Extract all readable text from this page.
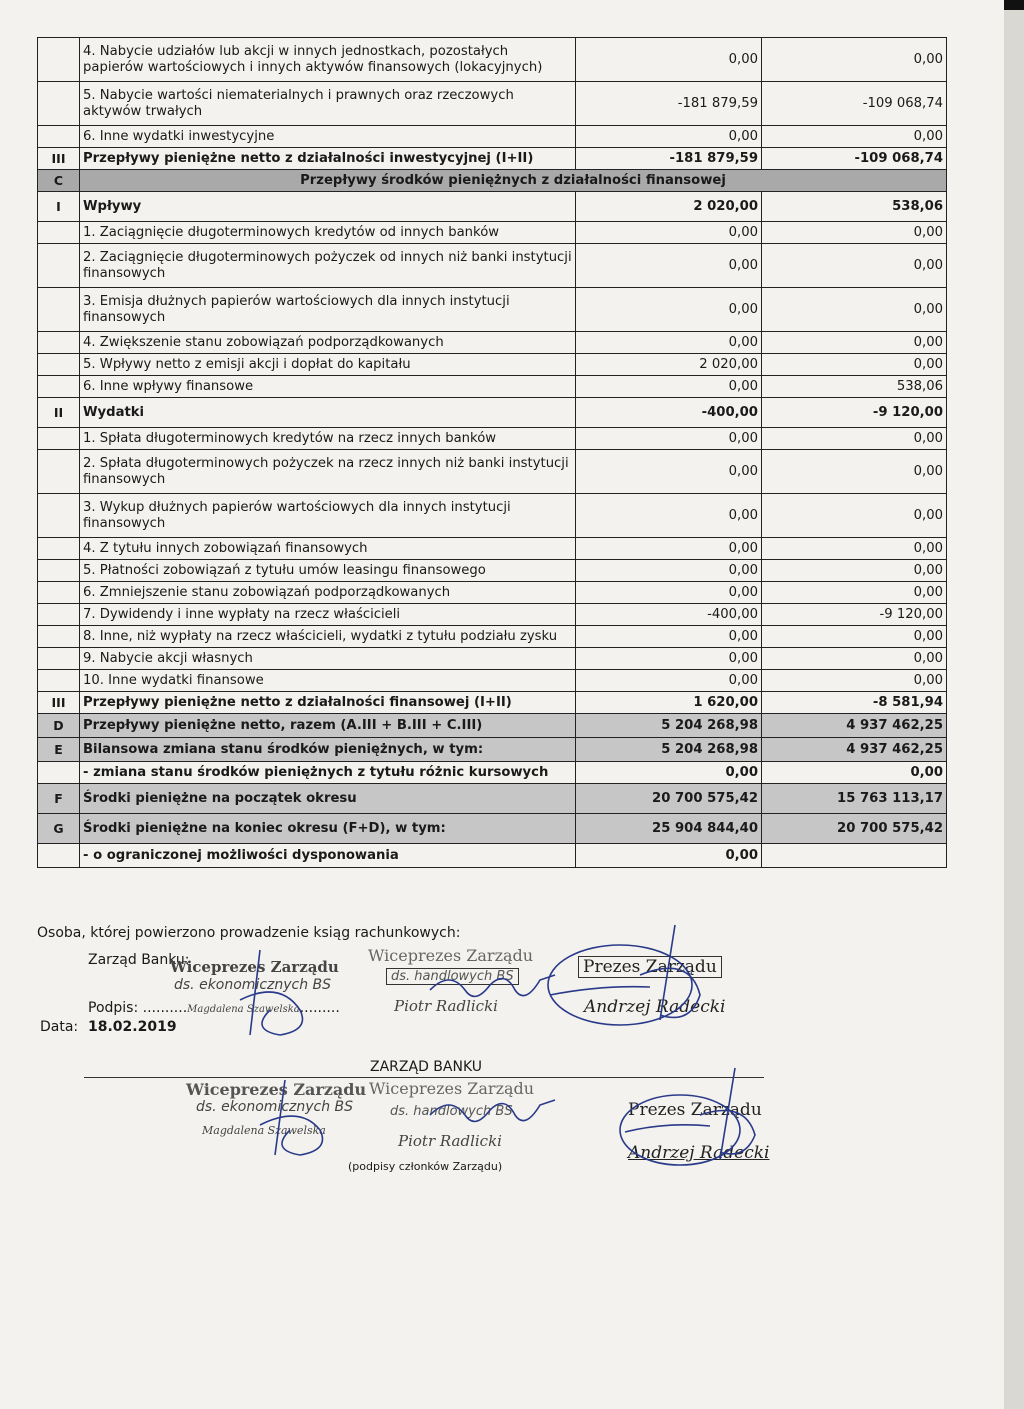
	4. Nabycie udziałów lub akcji w innych jednostkach, pozostałych papierów wartościowych i innych aktywów finansowych (lokacyjnych)	0,00	0,00
	5. Nabycie wartości niematerialnych i prawnych oraz rzeczowych aktywów trwałych	-181 879,59	-109 068,74
	6. Inne wydatki inwestycyjne	0,00	0,00
III	Przepływy pieniężne netto z działalności inwestycyjnej (I+II)	-181 879,59	-109 068,74
C	Przepływy środków pieniężnych z działalności finansowej		
I	Wpływy	2 020,00	538,06
	1. Zaciągnięcie długoterminowych kredytów od innych banków	0,00	0,00
	2. Zaciągnięcie długoterminowych pożyczek od innych niż banki instytucji finansowych	0,00	0,00
	3. Emisja dłużnych papierów wartościowych dla innych instytucji finansowych	0,00	0,00
	4. Zwiększenie stanu zobowiązań podporządkowanych	0,00	0,00
	5. Wpływy netto z emisji akcji i dopłat do kapitału	2 020,00	0,00
	6. Inne wpływy finansowe	0,00	538,06
II	Wydatki	-400,00	-9 120,00
	1. Spłata długoterminowych kredytów na rzecz innych banków	0,00	0,00
	2. Spłata długoterminowych pożyczek na rzecz innych niż banki instytucji finansowych	0,00	0,00
	3. Wykup dłużnych papierów wartościowych dla innych instytucji finansowych	0,00	0,00
	4. Z tytułu innych zobowiązań finansowych	0,00	0,00
	5. Płatności zobowiązań z tytułu umów leasingu finansowego	0,00	0,00
	6. Zmniejszenie stanu zobowiązań podporządkowanych	0,00	0,00
	7. Dywidendy i inne wypłaty na rzecz właścicieli	-400,00	-9 120,00
	8. Inne, niż wypłaty na rzecz właścicieli, wydatki z tytułu podziału zysku	0,00	0,00
	9. Nabycie akcji własnych	0,00	0,00
	10. Inne wydatki finansowe	0,00	0,00
III	Przepływy pieniężne netto z działalności finansowej (I+II)	1 620,00	-8 581,94
D	Przepływy pieniężne netto, razem (A.III + B.III + C.III)	5 204 268,98	4 937 462,25
E	Bilansowa zmiana stanu środków pieniężnych, w tym:	5 204 268,98	4 937 462,25
	- zmiana stanu środków pieniężnych z tytułu różnic kursowych	0,00	0,00
F	Środki pieniężne na początek okresu	20 700 575,42	15 763 113,17
G	Środki pieniężne na koniec okresu (F+D), w tym:	25 904 844,40	20 700 575,42
	- o ograniczonej możliwości dysponowania	0,00	
Osoba, której powierzono prowadzenie ksiąg rachunkowych:
Zarząd Banku:
Wiceprezes Zarządu
ds. ekonomicznych BS
Podpis: ..........Magdalena Szawelska.........
Data: 18.02.2019
Wiceprezes Zarządu
ds. handlowych BS
Piotr Radlicki
Prezes Zarządu
Andrzej Radecki
ZARZĄD BANKU
Wiceprezes Zarządu
ds. ekonomicznych BS
Magdalena Szawelska
Wiceprezes Zarządu
ds. handlowych BS
Piotr Radlicki
Prezes Zarządu
Andrzej Radecki
(podpisy członków Zarządu)
